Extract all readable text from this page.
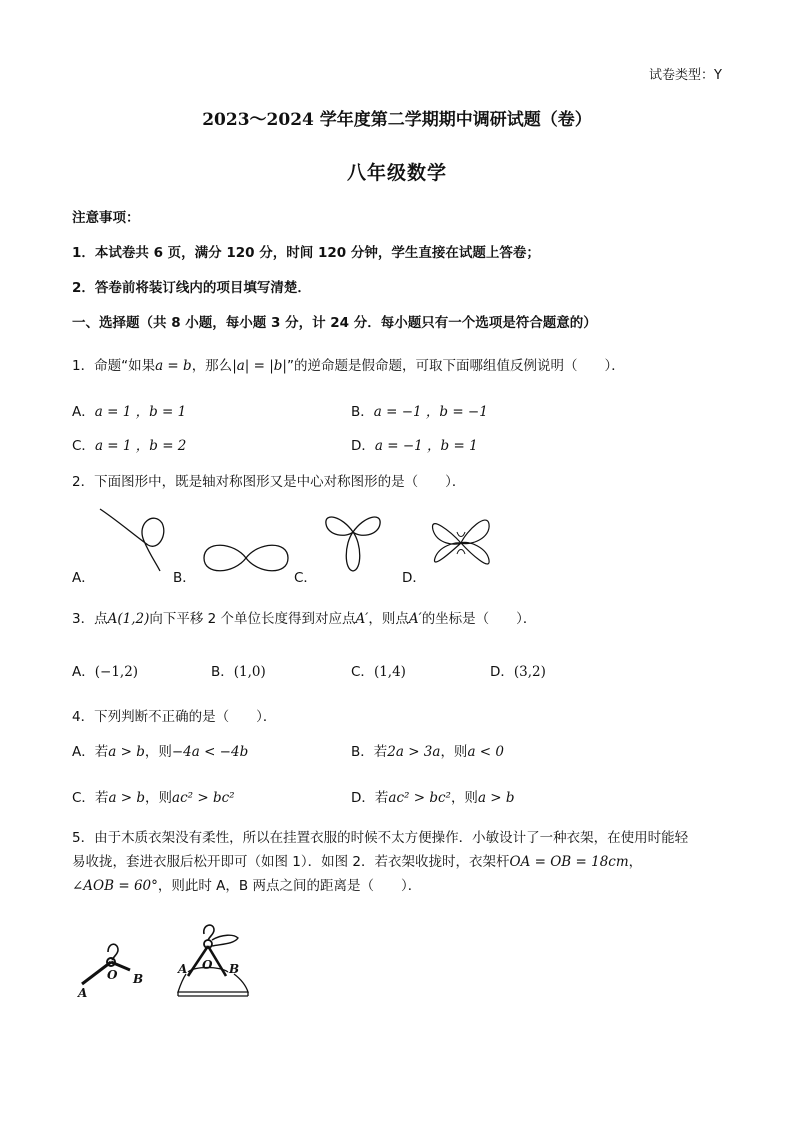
试卷类型：Y
2023～2024 学年度第二学期期中调研试题（卷）
八年级数学
注意事项：
1．本试卷共 6 页，满分 120 分，时间 120 分钟，学生直接在试题上答卷；
2．答卷前将装订线内的项目填写清楚．
一、选择题（共 8 小题，每小题 3 分，计 24 分．每小题只有一个选项是符合题意的）
1．命题“如果a = b，那么|a| = |b|”的逆命题是假命题，可取下面哪组值反例说明（　　）．
A．a = 1 ，b = 1	B．a = −1 ，b = −1
C．a = 1 ，b = 2	D．a = −1 ，b = 1
2．下面图形中，既是轴对称图形又是中心对称图形的是（　　）．
A．	B．	C．	D．
3．点A(1,2)向下平移 2 个单位长度得到对应点A′，则点A′的坐标是（　　）．
A．(−1,2)	B．(1,0)	C．(1,4)	D．(3,2)
4．下列判断不正确的是（　　）．
A．若a > b，则−4a < −4b	B．若2a > 3a，则a < 0
C．若a > b，则ac² > bc²	D．若ac² > bc²，则a > b
5．由于木质衣架没有柔性，所以在挂置衣服的时候不太方便操作．小敏设计了一种衣架，在使用时能轻
易收拢，套进衣服后松开即可（如图 1）．如图 2．若衣架收拢时，衣架杆OA = OB = 18cm，
∠AOB = 60°，则此时 A，B 两点之间的距离是（　　）．
A
O B
A O B
